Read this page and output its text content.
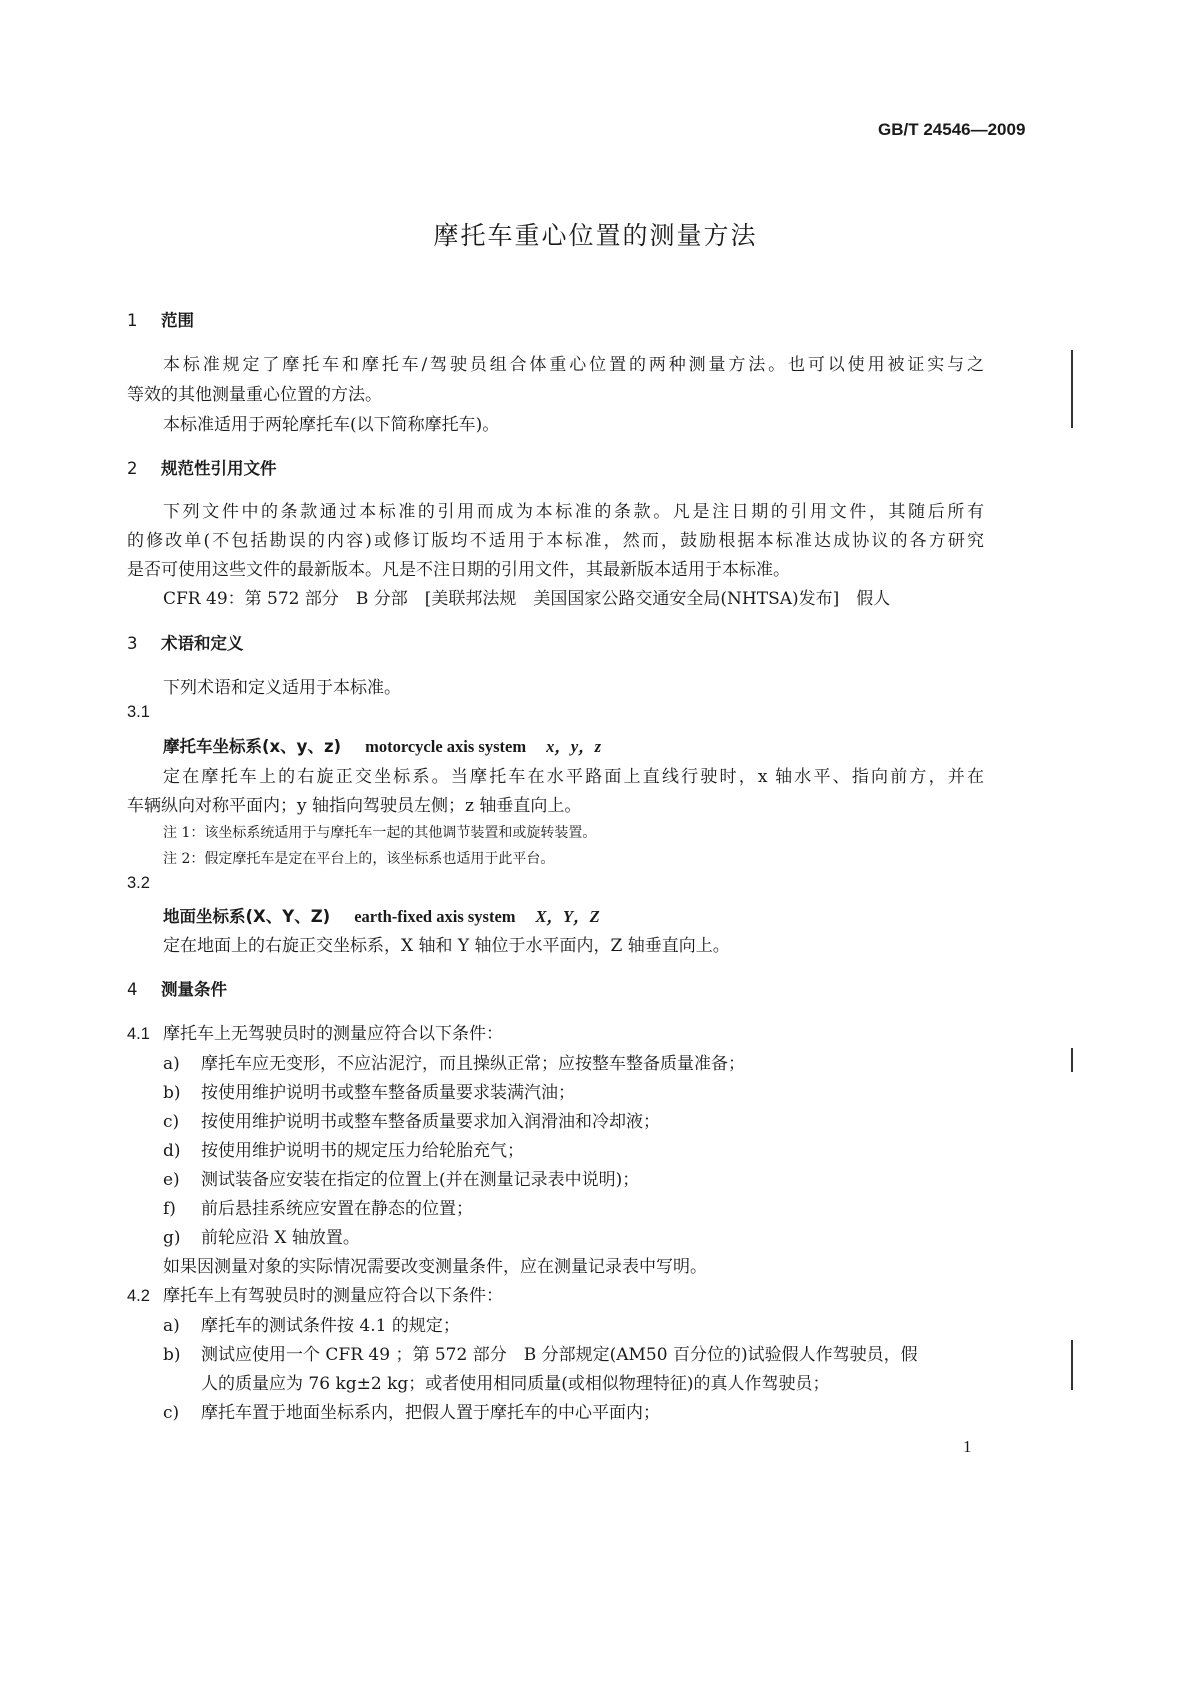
GB/T 24546—2009
摩托车重心位置的测量方法
1 范围
本标准规定了摩托车和摩托车/驾驶员组合体重心位置的两种测量方法。也可以使用被证实与之
等效的其他测量重心位置的方法。
本标准适用于两轮摩托车(以下简称摩托车)。
2 规范性引用文件
下列文件中的条款通过本标准的引用而成为本标准的条款。凡是注日期的引用文件，其随后所有
的修改单(不包括勘误的内容)或修订版均不适用于本标准，然而，鼓励根据本标准达成协议的各方研究
是否可使用这些文件的最新版本。凡是不注日期的引用文件，其最新版本适用于本标准。
CFR 49：第 572 部分　B 分部　[美联邦法规　美国国家公路交通安全局(NHTSA)发布]　假人
3 术语和定义
下列术语和定义适用于本标准。
3.1
摩托车坐标系(x、y、z) motorcycle axis system x，y，z
定在摩托车上的右旋正交坐标系。当摩托车在水平路面上直线行驶时，x 轴水平、指向前方，并在
车辆纵向对称平面内；y 轴指向驾驶员左侧；z 轴垂直向上。
注 1：该坐标系统适用于与摩托车一起的其他调节装置和或旋转装置。
注 2：假定摩托车是定在平台上的，该坐标系也适用于此平台。
3.2
地面坐标系(X、Y、Z) earth-fixed axis system X，Y，Z
定在地面上的右旋正交坐标系，X 轴和 Y 轴位于水平面内，Z 轴垂直向上。
4 测量条件
4.1 摩托车上无驾驶员时的测量应符合以下条件：
a) 摩托车应无变形，不应沾泥泞，而且操纵正常；应按整车整备质量准备；
b) 按使用维护说明书或整车整备质量要求装满汽油；
c) 按使用维护说明书或整车整备质量要求加入润滑油和冷却液；
d) 按使用维护说明书的规定压力给轮胎充气；
e) 测试装备应安装在指定的位置上(并在测量记录表中说明)；
f) 前后悬挂系统应安置在静态的位置；
g) 前轮应沿 X 轴放置。
如果因测量对象的实际情况需要改变测量条件，应在测量记录表中写明。
4.2 摩托车上有驾驶员时的测量应符合以下条件：
a) 摩托车的测试条件按 4.1 的规定；
b) 测试应使用一个 CFR 49 ；第 572 部分　B 分部规定(AM50 百分位的)试验假人作驾驶员，假
人的质量应为 76 kg±2 kg；或者使用相同质量(或相似物理特征)的真人作驾驶员；
c) 摩托车置于地面坐标系内，把假人置于摩托车的中心平面内；
1
